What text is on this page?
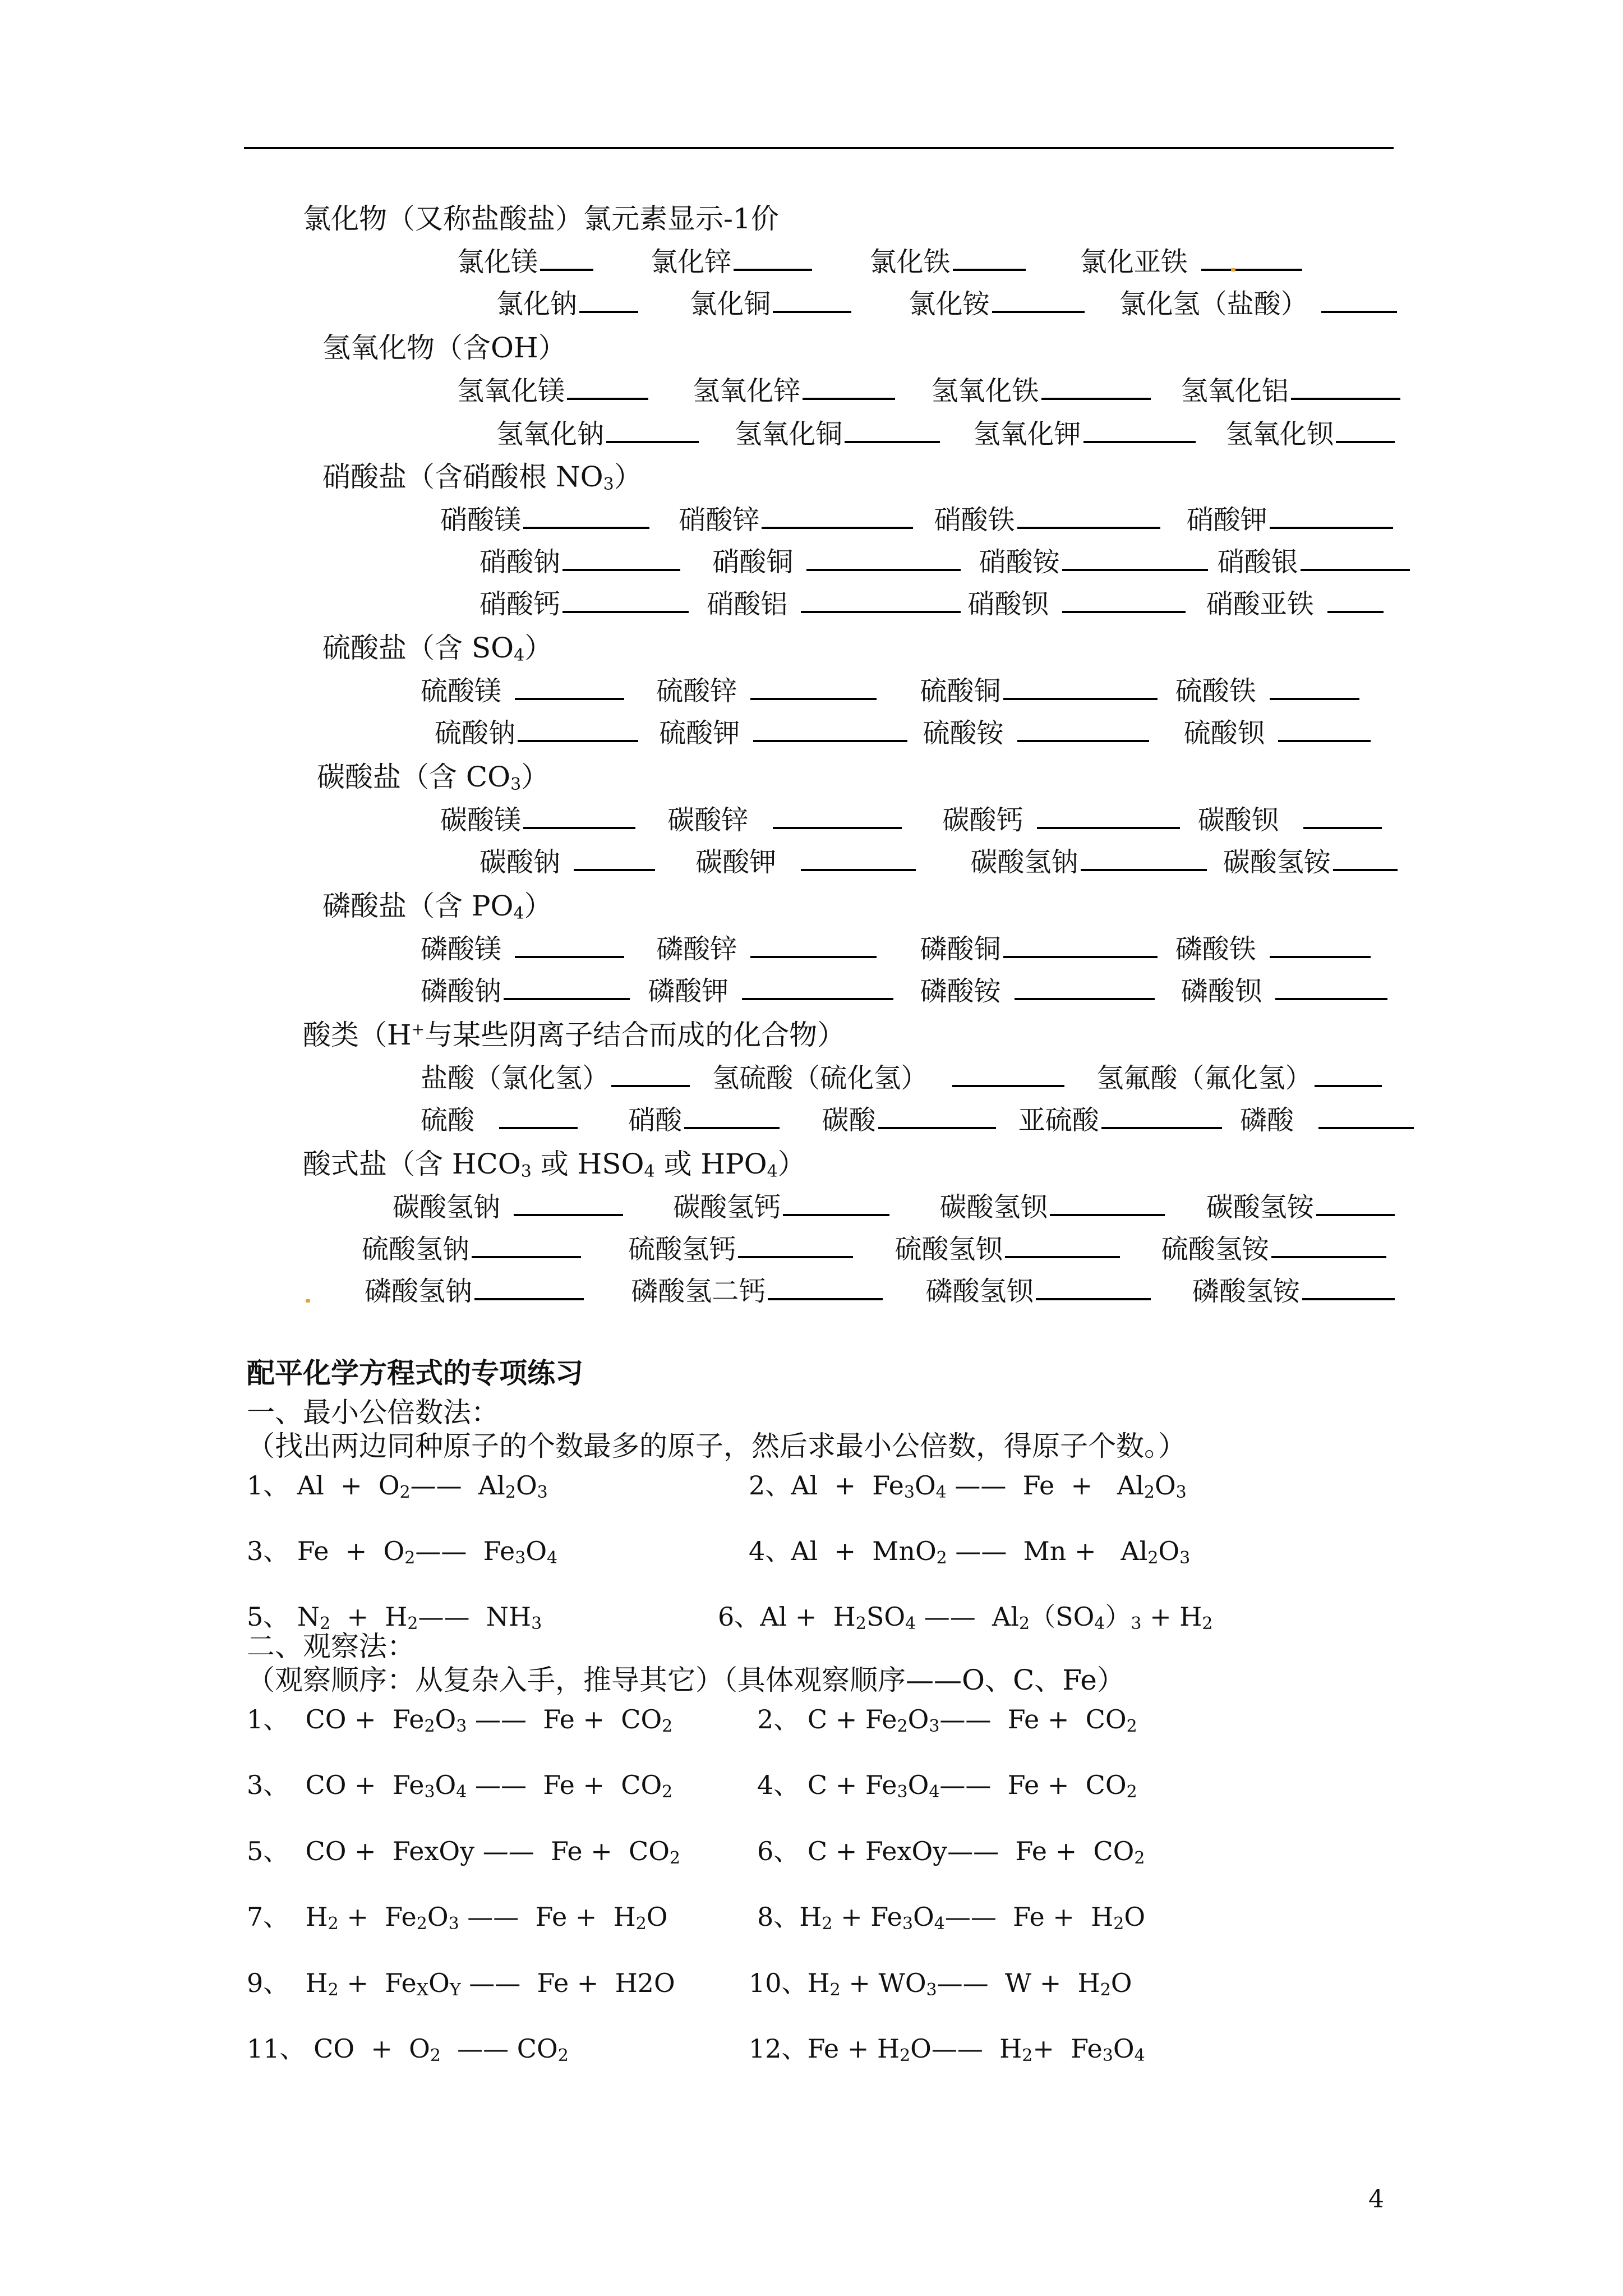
氯化物（又称盐酸盐）氯元素显示-1价
氯化镁	氯化锌	氯化铁	氯化亚铁
氯化钠	氯化铜	氯化铵	氯化氢（盐酸）
氢氧化物（含OH）
氢氧化镁	氢氧化锌	氢氧化铁	氢氧化铝
氢氧化钠	氢氧化铜	氢氧化钾	氢氧化钡
硝酸盐（含硝酸根 $NO_3$）
硝酸镁	硝酸锌	硝酸铁	硝酸钾
硝酸钠	硝酸铜	硝酸铵	硝酸银
硝酸钙	硝酸铝	硝酸钡	硝酸亚铁
硫酸盐（含 $SO_4$）
硫酸镁	硫酸锌	硫酸铜	硫酸铁
硫酸钠	硫酸钾	硫酸铵	硫酸钡
碳酸盐（含 $CO_3$）
碳酸镁	碳酸锌	碳酸钙	碳酸钡
碳酸钠	碳酸钾	碳酸氢钠	碳酸氢铵
磷酸盐（含 $PO_4$）
磷酸镁	磷酸锌	磷酸铜	磷酸铁
磷酸钠	磷酸钾	磷酸铵	磷酸钡
酸类（H+与某些阴离子结合而成的化合物）
盐酸（氯化氢）	氢硫酸（硫化氢）	氢氟酸（氟化氢）
硫酸	硝酸	碳酸	亚硫酸	磷酸
酸式盐（含 $HCO_3$ 或 $HSO_4$ 或 $HPO_4$）
碳酸氢钠	碳酸氢钙	碳酸氢钡	碳酸氢铵
硫酸氢钠	硫酸氢钙	硫酸氢钡	硫酸氢铵
磷酸氢钠	磷酸氢二钙	磷酸氢钡	磷酸氢铵
配平化学方程式的专项练习
一、最小公倍数法：
（找出两边同种原子的个数最多的原子，然后求最小公倍数，得原子个数。）
1、 $Al + O_2——$  $Al_2O_3$	2、$Al + Fe_3O_4$ ——  $Fe + Al_2O_3$
3、 $Fe + O_2——$  $Fe_3O_4$	4、Al  +  MnO$_2$ ——  $Mn + Al_2O_3$
5、 $N_2$  +  $H_2——$  $NH_3$	6、$Al + H_2SO_4$ ——  $Al_2(SO_4)_3 + H_2$
二、观察法：
（观察顺序：从复杂入手，推导其它）（具体观察顺序——O、C、Fe）
1、  CO +  $Fe_2O_3$ ——  $Fe + CO_2$	2、 $C + Fe_2O_3——$  $Fe + CO_2$
3、  CO +  $Fe_3O_4$ ——  $Fe + CO_2$	4、 $C + Fe_3O_4——$  $Fe + CO_2$
5、  CO +  FexOy ——  $Fe + CO_2$	6、 C + FexOy——  $Fe + CO_2$
7、  $H_2 + Fe_2O_3$ ——  $Fe + H_2O$	8、$H_2$ + $Fe_3O_4——$  $Fe + H_2O$
9、  $H_2 + Fe_XO_Y$ ——  Fe +  H2O	10、$H_2$ + $WO_3——$  $W + H_2O$
11、 CO  +  $O_2$  —— $CO_2$	12、$Fe + H_2O——$  $H_2+ Fe_3O_4$
4
